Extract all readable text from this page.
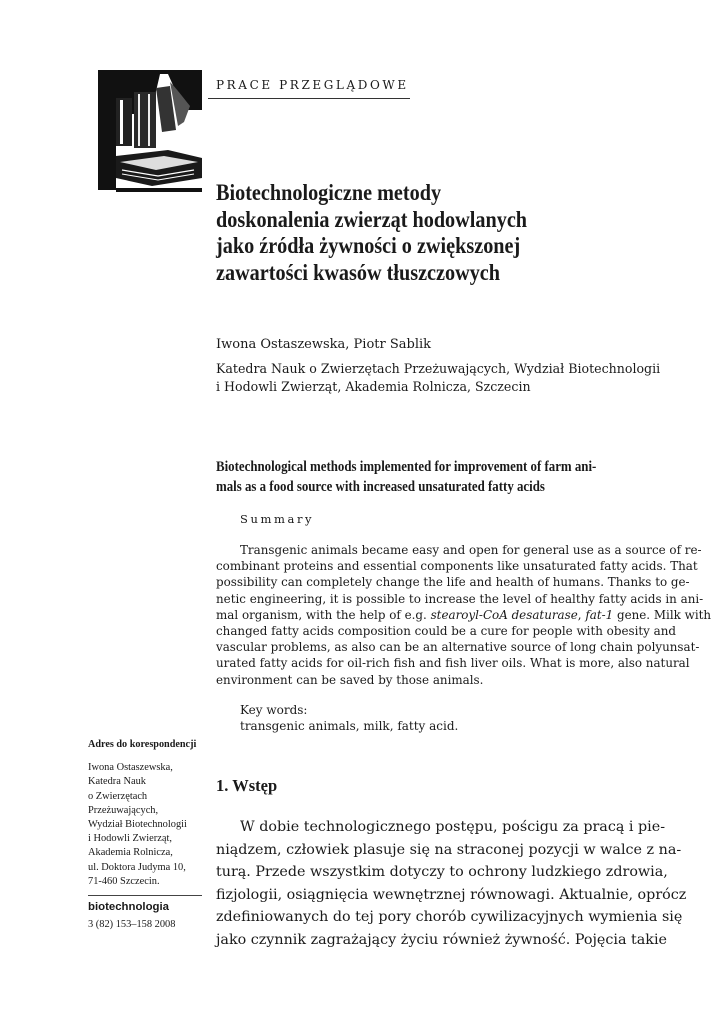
PRACE PRZEGLĄDOWE
Biotechnologiczne metody
doskonalenia zwierząt hodowlanych
jako źródła żywności o zwiększonej
zawartości kwasów tłuszczowych
Iwona Ostaszewska, Piotr Sablik
Katedra Nauk o Zwierzętach Przeżuwających, Wydział Biotechnologii
i Hodowli Zwierząt, Akademia Rolnicza, Szczecin
Biotechnological methods implemented for improvement of farm ani-
mals as a food source with increased unsaturated fatty acids
Summary
Transgenic animals became easy and open for general use as a source of re-
combinant proteins and essential components like unsaturated fatty acids. That
possibility can completely change the life and health of humans. Thanks to ge-
netic engineering, it is possible to increase the level of healthy fatty acids in ani-
mal organism, with the help of e.g. stearoyl-CoA desaturase, fat-1 gene. Milk with
changed fatty acids composition could be a cure for people with obesity and
vascular problems, as also can be an alternative source of long chain polyunsat-
urated fatty acids for oil-rich fish and fish liver oils. What is more, also natural
environment can be saved by those animals.
Key words:
transgenic animals, milk, fatty acid.
Adres do korespondencji
Iwona Ostaszewska,
Katedra Nauk
o Zwierzętach
Przeżuwających,
Wydział Biotechnologii
i Hodowli Zwierząt,
Akademia Rolnicza,
ul. Doktora Judyma 10,
71-460 Szczecin.
biotechnologia
3 (82) 153–158 2008
1. Wstęp
W dobie technologicznego postępu, pościgu za pracą i pie-
niądzem, człowiek plasuje się na straconej pozycji w walce z na-
turą. Przede wszystkim dotyczy to ochrony ludzkiego zdrowia,
fizjologii, osiągnięcia wewnętrznej równowagi. Aktualnie, oprócz
zdefiniowanych do tej pory chorób cywilizacyjnych wymienia się
jako czynnik zagrażający życiu również żywność. Pojęcia takie
